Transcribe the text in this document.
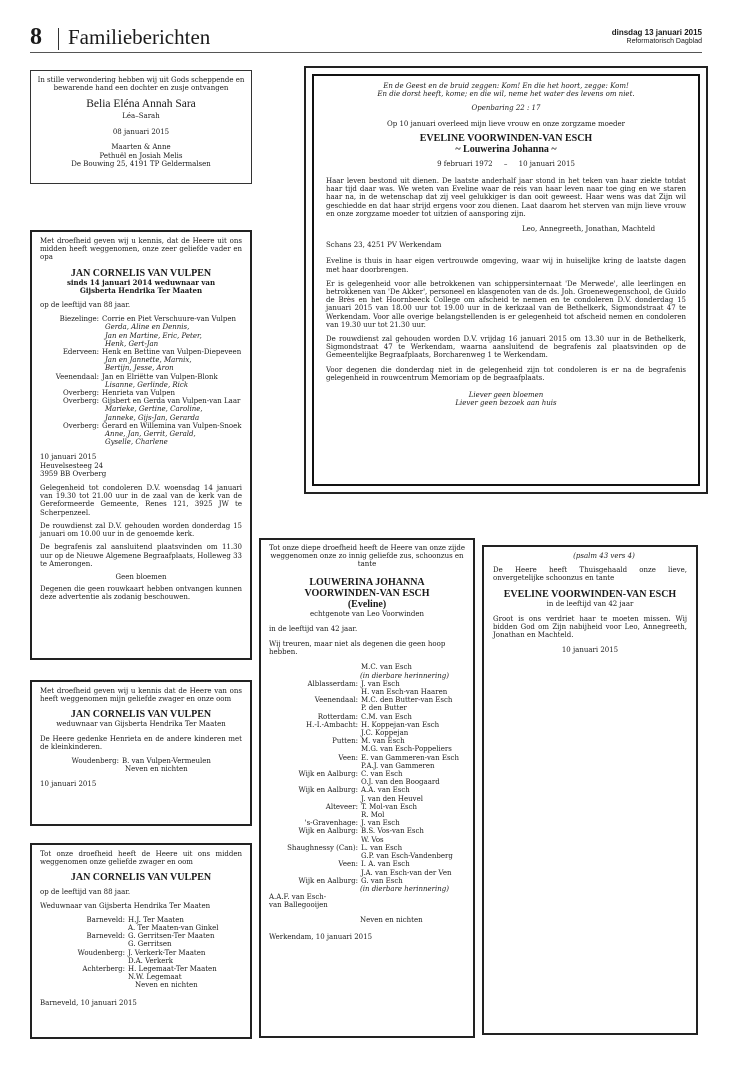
8 Familieberichten	dinsdag 13 januari 2015
Reformatorisch Dagblad
In stille verwondering hebben wij uit Gods scheppende en bewarende hand een dochter en zusje ontvangen
Belia Eléna Annah Sara
Léa–Sarah
08 januari 2015
Maarten & Anne
Pethuël en Josiah Melis
De Bouwing 25, 4191 TP Geldermalsen
Met droefheid geven wij u kennis, dat de Heere uit ons midden heeft weggenomen, onze zeer geliefde vader en opa
JAN CORNELIS VAN VULPEN
sinds 14 januari 2014 weduwnaar van
Gijsberta Hendrika Ter Maaten
op de leeftijd van 88 jaar.
Biezelinge: Corrie en Piet Verschuure-van Vulpen
Gerda, Aline en Dennis,
Jan en Martine, Eric, Peter,
Henk, Gert-Jan
Ederveen: Henk en Bettine van Vulpen-Diepeveen
Jan en Jannette, Marnix,
Bertijn, Jesse, Aron
Veenendaal: Jan en Elriëtte van Vulpen-Blonk
Lisanne, Gerlinde, Rick
Overberg: Henrieta van Vulpen
Overberg: Gijsbert en Gerda van Vulpen-van Laar
Marieke, Gertine, Caroline,
Janneke, Gijs-Jan, Gerarda
Overberg: Gerard en Willemina van Vulpen-Snoek
Anne, Jan, Gerrit, Gerald,
Gyselle, Charlene
10 januari 2015
Heuvelsesteeg 24
3959 BB Overberg
Gelegenheid tot condoleren D.V. woensdag 14 januari van 19.30 tot 21.00 uur in de zaal van de kerk van de Gereformeerde Gemeente, Renes 121, 3925 JW te Scherpenzeel.
De rouwdienst zal D.V. gehouden worden donderdag 15 januari om 10.00 uur in de genoemde kerk.
De begrafenis zal aansluitend plaatsvinden om 11.30 uur op de Nieuwe Algemene Begraafplaats, Holleweg 33 te Amerongen.
Geen bloemen
Degenen die geen rouwkaart hebben ontvangen kunnen deze advertentie als zodanig beschouwen.
Met droefheid geven wij u kennis dat de Heere van ons heeft weggenomen mijn geliefde zwager en onze oom
JAN CORNELIS VAN VULPEN
weduwnaar van Gijsberta Hendrika Ter Maaten
De Heere gedenke Henrieta en de andere kinderen met de kleinkinderen.
Woudenberg: B. van Vulpen-Vermeulen
Neven en nichten
10 januari 2015
Tot onze droefheid heeft de Heere uit ons midden weggenomen onze geliefde zwager en oom
JAN CORNELIS VAN VULPEN
op de leeftijd van 88 jaar.
Weduwnaar van Gijsberta Hendrika Ter Maaten
Barneveld: H.J. Ter Maaten
A. Ter Maaten-van Ginkel
Barneveld: G. Gerritsen-Ter Maaten
G. Gerritsen
Woudenberg: J. Verkerk-Ter Maaten
D.A. Verkerk
Achterberg: H. Legemaat-Ter Maaten
N.W. Legemaat
Neven en nichten
Barneveld, 10 januari 2015
En de Geest en de bruid zeggen: Kom! En die het hoort, zegge: Kom!
En die dorst heeft, kome; en die wil, neme het water des levens om niet.
Openbaring 22 : 17
Op 10 januari overleed mijn lieve vrouw en onze zorgzame moeder
EVELINE VOORWINDEN-VAN ESCH
~ Louwerina Johanna ~
9 februari 1972 – 10 januari 2015
Haar leven bestond uit dienen. De laatste anderhalf jaar stond in het teken van haar ziekte totdat haar tijd daar was. We weten van Eveline waar de reis van haar leven naar toe ging en we staren haar na, in de wetenschap dat zij veel gelukkiger is dan ooit geweest. Haar wens was dat Zijn wil geschiedde en dat haar strijd ergens voor zou dienen. Laat daarom het sterven van mijn lieve vrouw en onze zorgzame moeder tot uitzien of aansporing zijn.
Leo, Annegreeth, Jonathan, Machteld
Schans 23, 4251 PV Werkendam
Eveline is thuis in haar eigen vertrouwde omgeving, waar wij in huiselijke kring de laatste dagen met haar doorbrengen.
Er is gelegenheid voor alle betrokkenen van schippersinternaat 'De Merwede', alle leerlingen en betrokkenen van 'De Akker', personeel en klasgenoten van de ds. Joh. Groenewegenschool, de Guido de Brès en het Hoornbeeck College om afscheid te nemen en te condoleren D.V. donderdag 15 januari 2015 van 18.00 uur tot 19.00 uur in de kerkzaal van de Bethelkerk, Sigmondstraat 47 te Werkendam. Voor alle overige belangstellenden is er gelegenheid tot afscheid nemen en condoleren van 19.30 uur tot 21.30 uur.
De rouwdienst zal gehouden worden D.V. vrijdag 16 januari 2015 om 13.30 uur in de Bethelkerk, Sigmondstraat 47 te Werkendam, waarna aansluitend de begrafenis zal plaatsvinden op de Gemeentelijke Begraafplaats, Borcharenweg 1 te Werkendam.
Voor degenen die donderdag niet in de gelegenheid zijn tot condoleren is er na de begrafenis gelegenheid in rouwcentrum Memoriam op de begraafplaats.
Liever geen bloemen
Liever geen bezoek aan huis
Tot onze diepe droefheid heeft de Heere van onze zijde weggenomen onze zo innig geliefde zus, schoonzus en tante
LOUWERINA JOHANNA
VOORWINDEN-VAN ESCH
(Eveline)
echtgenote van Leo Voorwinden
in de leeftijd van 42 jaar.
Wij treuren, maar niet als degenen die geen hoop hebben.
M.C. van Esch
(in dierbare herinnering)
Alblasserdam: J. van Esch
H. van Esch-van Haaren
Veenendaal: M.C. den Butter-van Esch
P. den Butter
Rotterdam: C.M. van Esch
H.-I.-Ambacht: H. Koppejan-van Esch
J.C. Koppejan
Putten: M. van Esch
M.G. van Esch-Poppeliers
Veen: E. van Gammeren-van Esch
P.A.J. van Gammeren
Wijk en Aalburg: C. van Esch
O.J. van den Boogaard
Wijk en Aalburg: A.A. van Esch
J. van den Heuvel
Altevеer: T. Mol-van Esch
R. Mol
's-Gravenhage: J. van Esch
Wijk en Aalburg: B.S. Vos-van Esch
W. Vos
Shaughnessy (Can): L. van Esch
G.P. van Esch-Vandenberg
Veen: I. A. van Esch
J.A. van Esch-van der Ven
Wijk en Aalburg: G. van Esch
(in dierbare herinnering)
A.A.F. van Esch-
van Ballegooijen
Neven en nichten
Werkendam, 10 januari 2015
(psalm 43 vers 4)
De Heere heeft Thuisgehaald onze lieve, onvergetelijke schoonzus en tante
EVELINE VOORWINDEN-VAN ESCH
in de leeftijd van 42 jaar
Groot is ons verdriet haar te moeten missen. Wij bidden God om Zijn nabijheid voor Leo, Annegreeth, Jonathan en Machteld.
10 januari 2015
